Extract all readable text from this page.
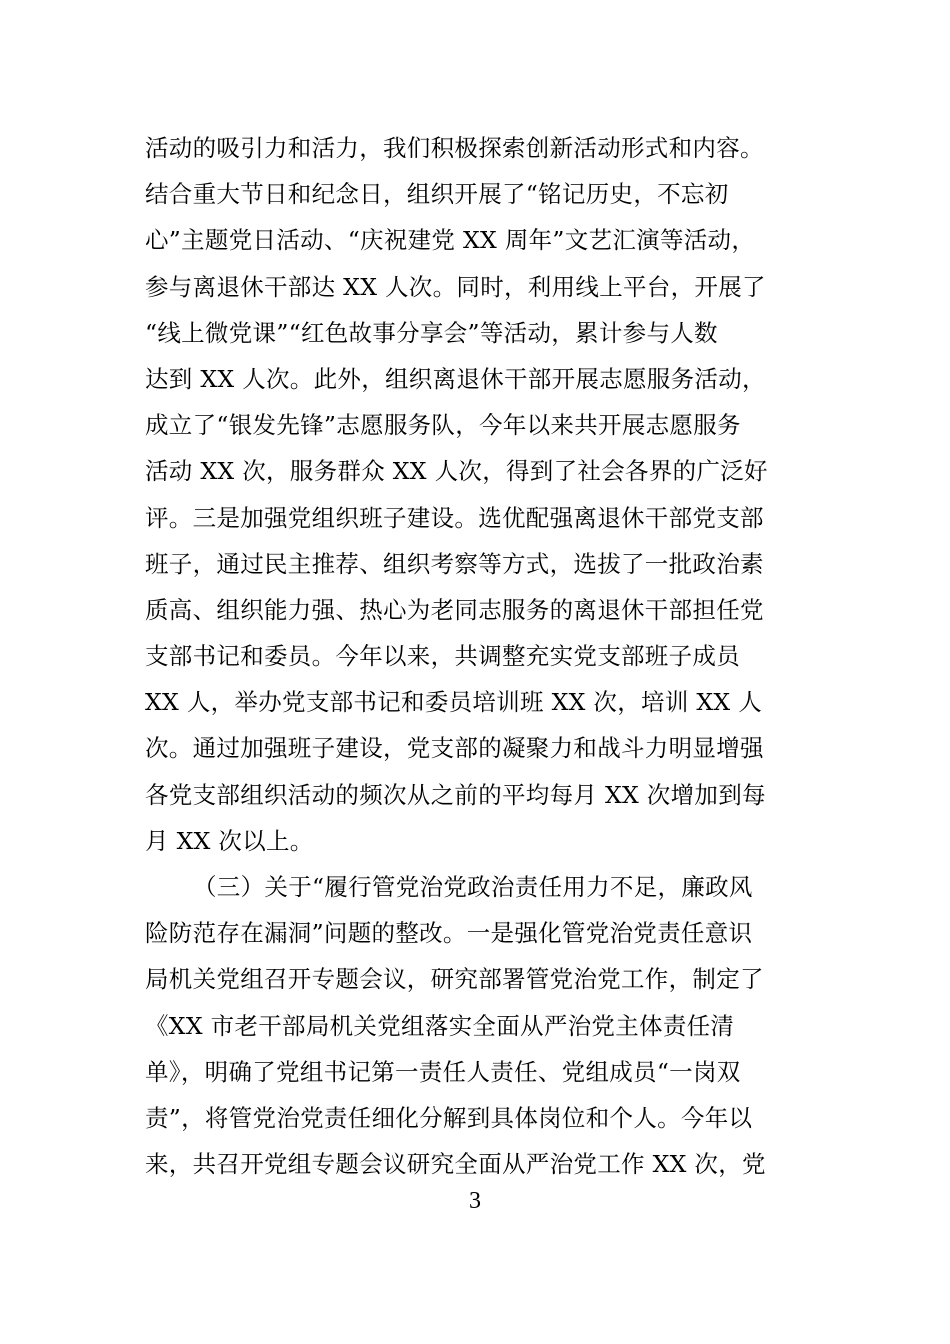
活动的吸引力和活力，我们积极探索创新活动形式和内容。
结合重大节日和纪念日，组织开展了“铭记历史，不忘初
心”主题党日活动、“庆祝建党 XX 周年”文艺汇演等活动，
参与离退休干部达 XX 人次。同时，利用线上平台，开展了
“线上微党课”“红色故事分享会”等活动，累计参与人数
达到 XX 人次。此外，组织离退休干部开展志愿服务活动，
成立了“银发先锋”志愿服务队，今年以来共开展志愿服务
活动 XX 次，服务群众 XX 人次，得到了社会各界的广泛好
评。三是加强党组织班子建设。选优配强离退休干部党支部
班子，通过民主推荐、组织考察等方式，选拔了一批政治素
质高、组织能力强、热心为老同志服务的离退休干部担任党
支部书记和委员。今年以来，共调整充实党支部班子成员
XX 人，举办党支部书记和委员培训班 XX 次，培训 XX 人
次。通过加强班子建设，党支部的凝聚力和战斗力明显增强
各党支部组织活动的频次从之前的平均每月 XX 次增加到每
月 XX 次以上。
（三）关于“履行管党治党政治责任用力不足，廉政风
险防范存在漏洞”问题的整改。一是强化管党治党责任意识
局机关党组召开专题会议，研究部署管党治党工作，制定了
《XX 市老干部局机关党组落实全面从严治党主体责任清
单》，明确了党组书记第一责任人责任、党组成员“一岗双
责”，将管党治党责任细化分解到具体岗位和个人。今年以
来，共召开党组专题会议研究全面从严治党工作 XX 次，党
3
